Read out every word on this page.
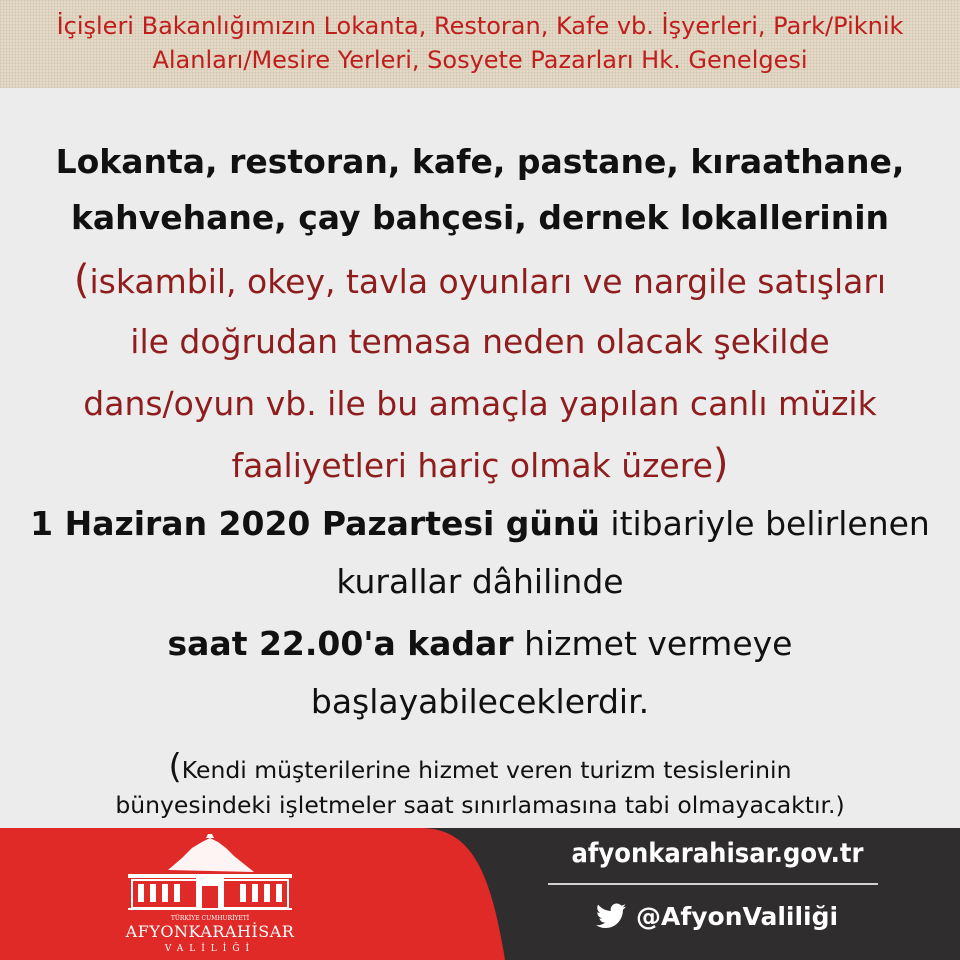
İçişleri Bakanlığımızın Lokanta, Restoran, Kafe vb. İşyerleri, Park/Piknik
Alanları/Mesire Yerleri, Sosyete Pazarları Hk. Genelgesi
Lokanta, restoran, kafe, pastane, kıraathane,
kahvehane, çay bahçesi, dernek lokallerinin
(iskambil, okey, tavla oyunları ve nargile satışları
ile doğrudan temasa neden olacak şekilde
dans/oyun vb. ile bu amaçla yapılan canlı müzik
faaliyetleri hariç olmak üzere)
1 Haziran 2020 Pazartesi günü itibariyle belirlenen
kurallar dâhilinde
saat 22.00'a kadar hizmet vermeye
başlayabileceklerdir.
(Kendi müşterilerine hizmet veren turizm tesislerinin
bünyesindeki işletmeler saat sınırlamasına tabi olmayacaktır.)
TÜRKİYE CUMHURİYETİ
AFYONKARAHİSAR
VALİLİĞİ
afyonkarahisar.gov.tr
@AfyonValiliği
